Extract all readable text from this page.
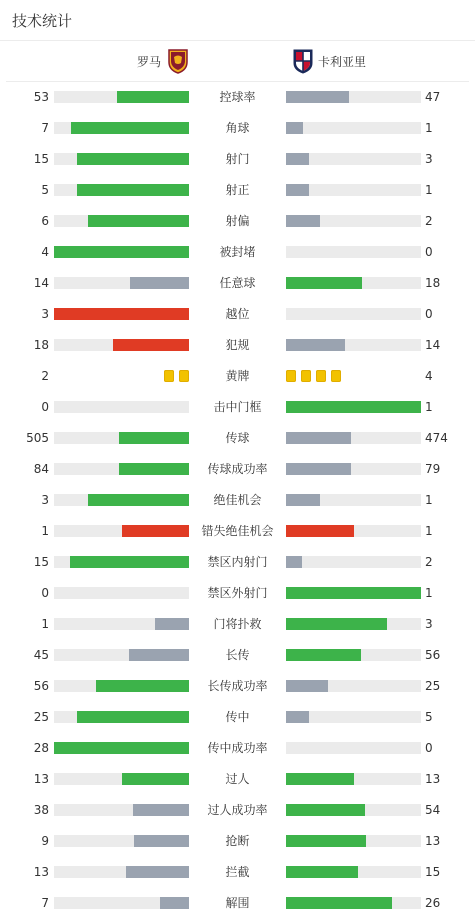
技术统计
罗马	卡利亚里
53	控球率	47
7	角球	1
15	射门	3
5	射正	1
6	射偏	2
4	被封堵	0
14	任意球	18
3	越位	0
18	犯规	14
2	黄牌	4
0	击中门框	1
505	传球	474
84	传球成功率	79
3	绝佳机会	1
1	错失绝佳机会	1
15	禁区内射门	2
0	禁区外射门	1
1	门将扑救	3
45	长传	56
56	长传成功率	25
25	传中	5
28	传中成功率	0
13	过人	13
38	过人成功率	54
9	抢断	13
13	拦截	15
7	解围	26
